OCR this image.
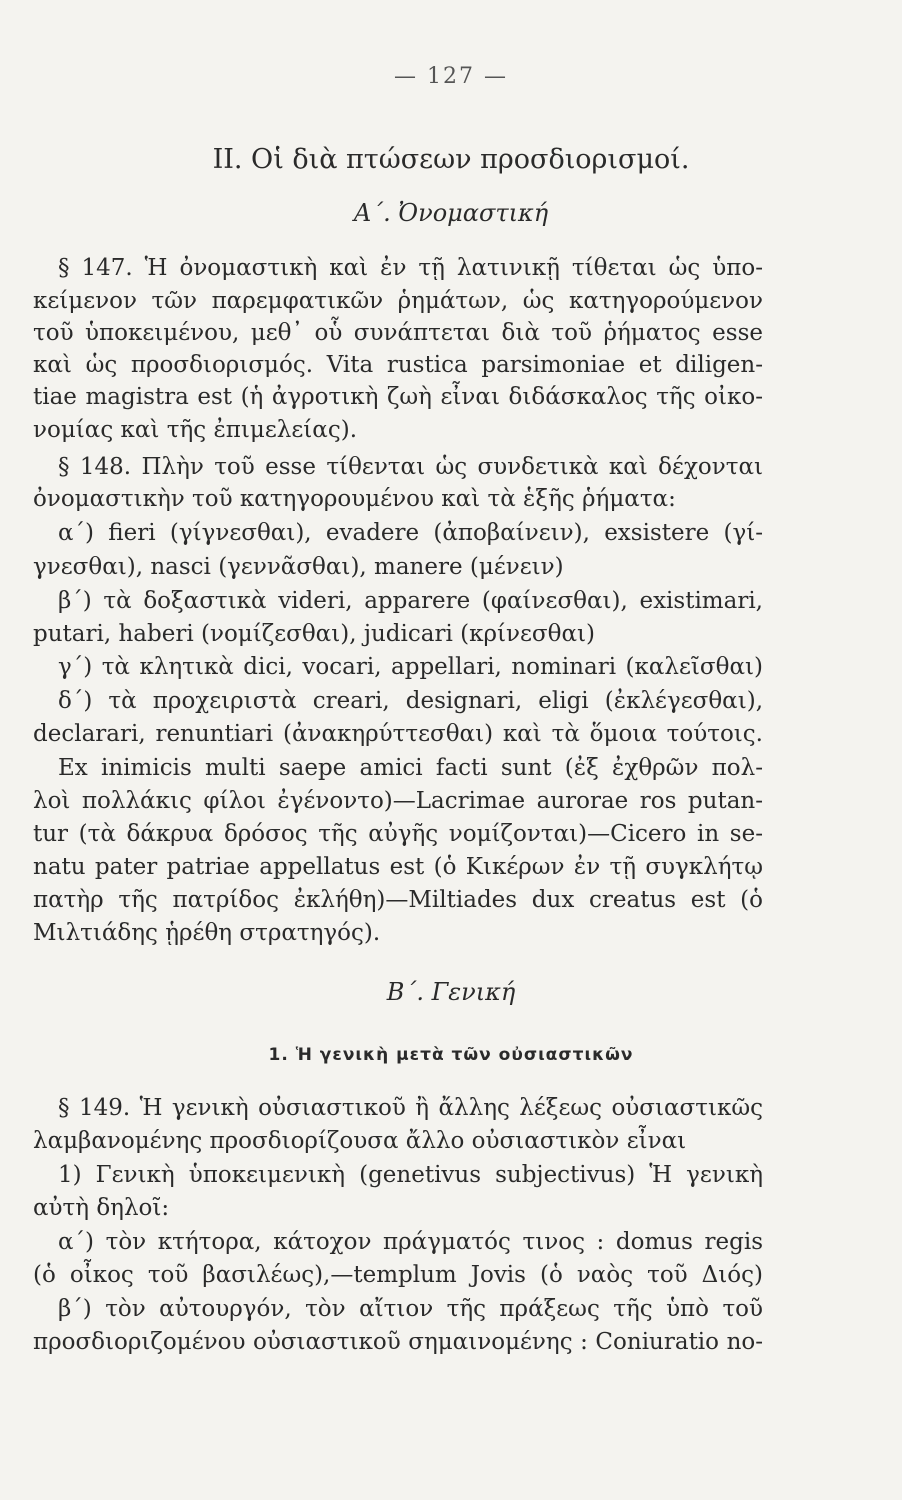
— 127 —
II. Οἱ διὰ πτώσεων προσδιορισμοί.
Α΄. Ὀνομαστική
§ 147. Ἡ ὀνομαστικὴ καὶ ἐν τῇ λατινικῇ τίθεται ὡς ὑπο-
κείμενον τῶν παρεμφατικῶν ῥημάτων, ὡς κατηγορούμενον
τοῦ ὑποκειμένου, μεθ᾽ οὗ συνάπτεται διὰ τοῦ ῥήματος esse
καὶ ὡς προσδιορισμός. Vita rustica parsimoniae et diligen-
tiae magistra est (ἡ ἀγροτικὴ ζωὴ εἶναι διδάσκαλος τῆς οἰκο-
νομίας καὶ τῆς ἐπιμελείας).
§ 148. Πλὴν τοῦ esse τίθενται ὡς συνδετικὰ καὶ δέχονται
ὀνομαστικὴν τοῦ κατηγορουμένου καὶ τὰ ἑξῆς ῥήματα:
α΄) fieri (γίγνεσθαι), evadere (ἀποβαίνειν), exsistere (γί-
γνεσθαι), nasci (γεννᾶσθαι), manere (μένειν)
β΄) τὰ δοξαστικὰ videri, apparere (φαίνεσθαι), existimari,
putari, haberi (νομίζεσθαι), judicari (κρίνεσθαι)
γ΄) τὰ κλητικὰ dici, vocari, appellari, nominari (καλεῖσθαι)
δ΄) τὰ προχειριστὰ creari, designari, eligi (ἐκλέγεσθαι),
declarari, renuntiari (ἀνακηρύττεσθαι) καὶ τὰ ὅμοια τούτοις.
Ex inimicis multi saepe amici facti sunt (ἐξ ἐχθρῶν πολ-
λοὶ πολλάκις φίλοι ἐγένοντο)—Lacrimae aurorae ros putan-
tur (τὰ δάκρυα δρόσος τῆς αὐγῆς νομίζονται)—Cicero in se-
natu pater patriae appellatus est (ὁ Κικέρων ἐν τῇ συγκλήτῳ
πατὴρ τῆς πατρίδος ἐκλήθη)—Miltiades dux creatus est (ὁ
Μιλτιάδης ᾑρέθη στρατηγός).
Β΄. Γενική
1. Ἡ γενικὴ μετὰ τῶν οὐσιαστικῶν
§ 149. Ἡ γενικὴ οὐσιαστικοῦ ἢ ἄλλης λέξεως οὐσιαστικῶς
λαμβανομένης προσδιορίζουσα ἄλλο οὐσιαστικὸν εἶναι
1) Γενικὴ ὑποκειμενικὴ (genetivus subjectivus) Ἡ γενικὴ
αὐτὴ δηλοῖ:
α΄) τὸν κτήτορα, κάτοχον πράγματός τινος : domus regis
(ὁ οἶκος τοῦ βασιλέως),—templum Jovis (ὁ ναὸς τοῦ Διός)
β΄) τὸν αὐτουργόν, τὸν αἴτιον τῆς πράξεως τῆς ὑπὸ τοῦ
προσδιοριζομένου οὐσιαστικοῦ σημαινομένης : Coniuratio no-
